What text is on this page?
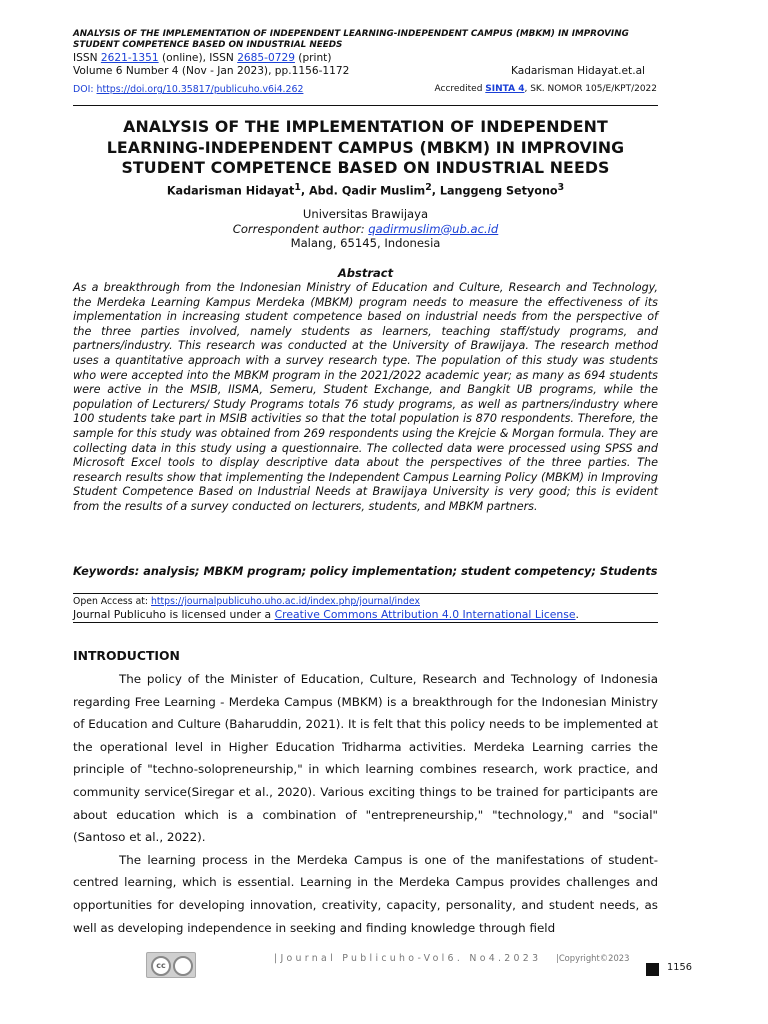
ANALYSIS OF THE IMPLEMENTATION OF INDEPENDENT LEARNING-INDEPENDENT CAMPUS (MBKM) IN IMPROVING STUDENT COMPETENCE BASED ON INDUSTRIAL NEEDS
ISSN 2621-1351 (online), ISSN 2685-0729 (print)
Volume 6 Number 4 (Nov - Jan 2023), pp.1156-1172	Kadarisman Hidayat.et.al
DOI: https://doi.org/10.35817/publicuho.v6i4.262	Accredited SINTA 4, SK. NOMOR 105/E/KPT/2022
ANALYSIS OF THE IMPLEMENTATION OF INDEPENDENT LEARNING-INDEPENDENT CAMPUS (MBKM) IN IMPROVING STUDENT COMPETENCE BASED ON INDUSTRIAL NEEDS
Kadarisman Hidayat$^1$, Abd. Qadir Muslim$^2$, Langgeng Setyono$^3$
Universitas Brawijaya
Correspondent author: qadirmuslim@ub.ac.id
Malang, 65145, Indonesia
Abstract
As a breakthrough from the Indonesian Ministry of Education and Culture, Research and Technology, the Merdeka Learning Kampus Merdeka (MBKM) program needs to measure the effectiveness of its implementation in increasing student competence based on industrial needs from the perspective of the three parties involved, namely students as learners, teaching staff/study programs, and partners/industry. This research was conducted at the University of Brawijaya. The research method uses a quantitative approach with a survey research type. The population of this study was students who were accepted into the MBKM program in the 2021/2022 academic year; as many as 694 students were active in the MSIB, IISMA, Semeru, Student Exchange, and Bangkit UB programs, while the population of Lecturers/ Study Programs totals 76 study programs, as well as partners/industry where 100 students take part in MSIB activities so that the total population is 870 respondents. Therefore, the sample for this study was obtained from 269 respondents using the Krejcie & Morgan formula. They are collecting data in this study using a questionnaire. The collected data were processed using SPSS and Microsoft Excel tools to display descriptive data about the perspectives of the three parties. The research results show that implementing the Independent Campus Learning Policy (MBKM) in Improving Student Competence Based on Industrial Needs at Brawijaya University is very good; this is evident from the results of a survey conducted on lecturers, students, and MBKM partners.
Keywords: analysis; MBKM program; policy implementation; student competency; Students
Open Access at: https://journalpublicuho.uho.ac.id/index.php/journal/index
Journal Publicuho is licensed under a Creative Commons Attribution 4.0 International License.
INTRODUCTION

The policy of the Minister of Education, Culture, Research and Technology of Indonesia regarding Free Learning - Merdeka Campus (MBKM) is a breakthrough for the Indonesian Ministry of Education and Culture (Baharuddin, 2021). It is felt that this policy needs to be implemented at the operational level in Higher Education Tridharma activities. Merdeka Learning carries the principle of "techno-solopreneurship," in which learning combines research, work practice, and community service(Siregar et al., 2020). Various exciting things to be trained for participants are about education which is a combination of "entrepreneurship," "technology," and "social"(Santoso et al., 2022).

The learning process in the Merdeka Campus is one of the manifestations of student-centred learning, which is essential. Learning in the Merdeka Campus provides challenges and opportunities for developing innovation, creativity, capacity, personality, and student needs, as well as developing independence in seeking and finding knowledge through field

cc
|Journal Publicuho-Vol6. No4.2023 |Copyright©2023
1156
